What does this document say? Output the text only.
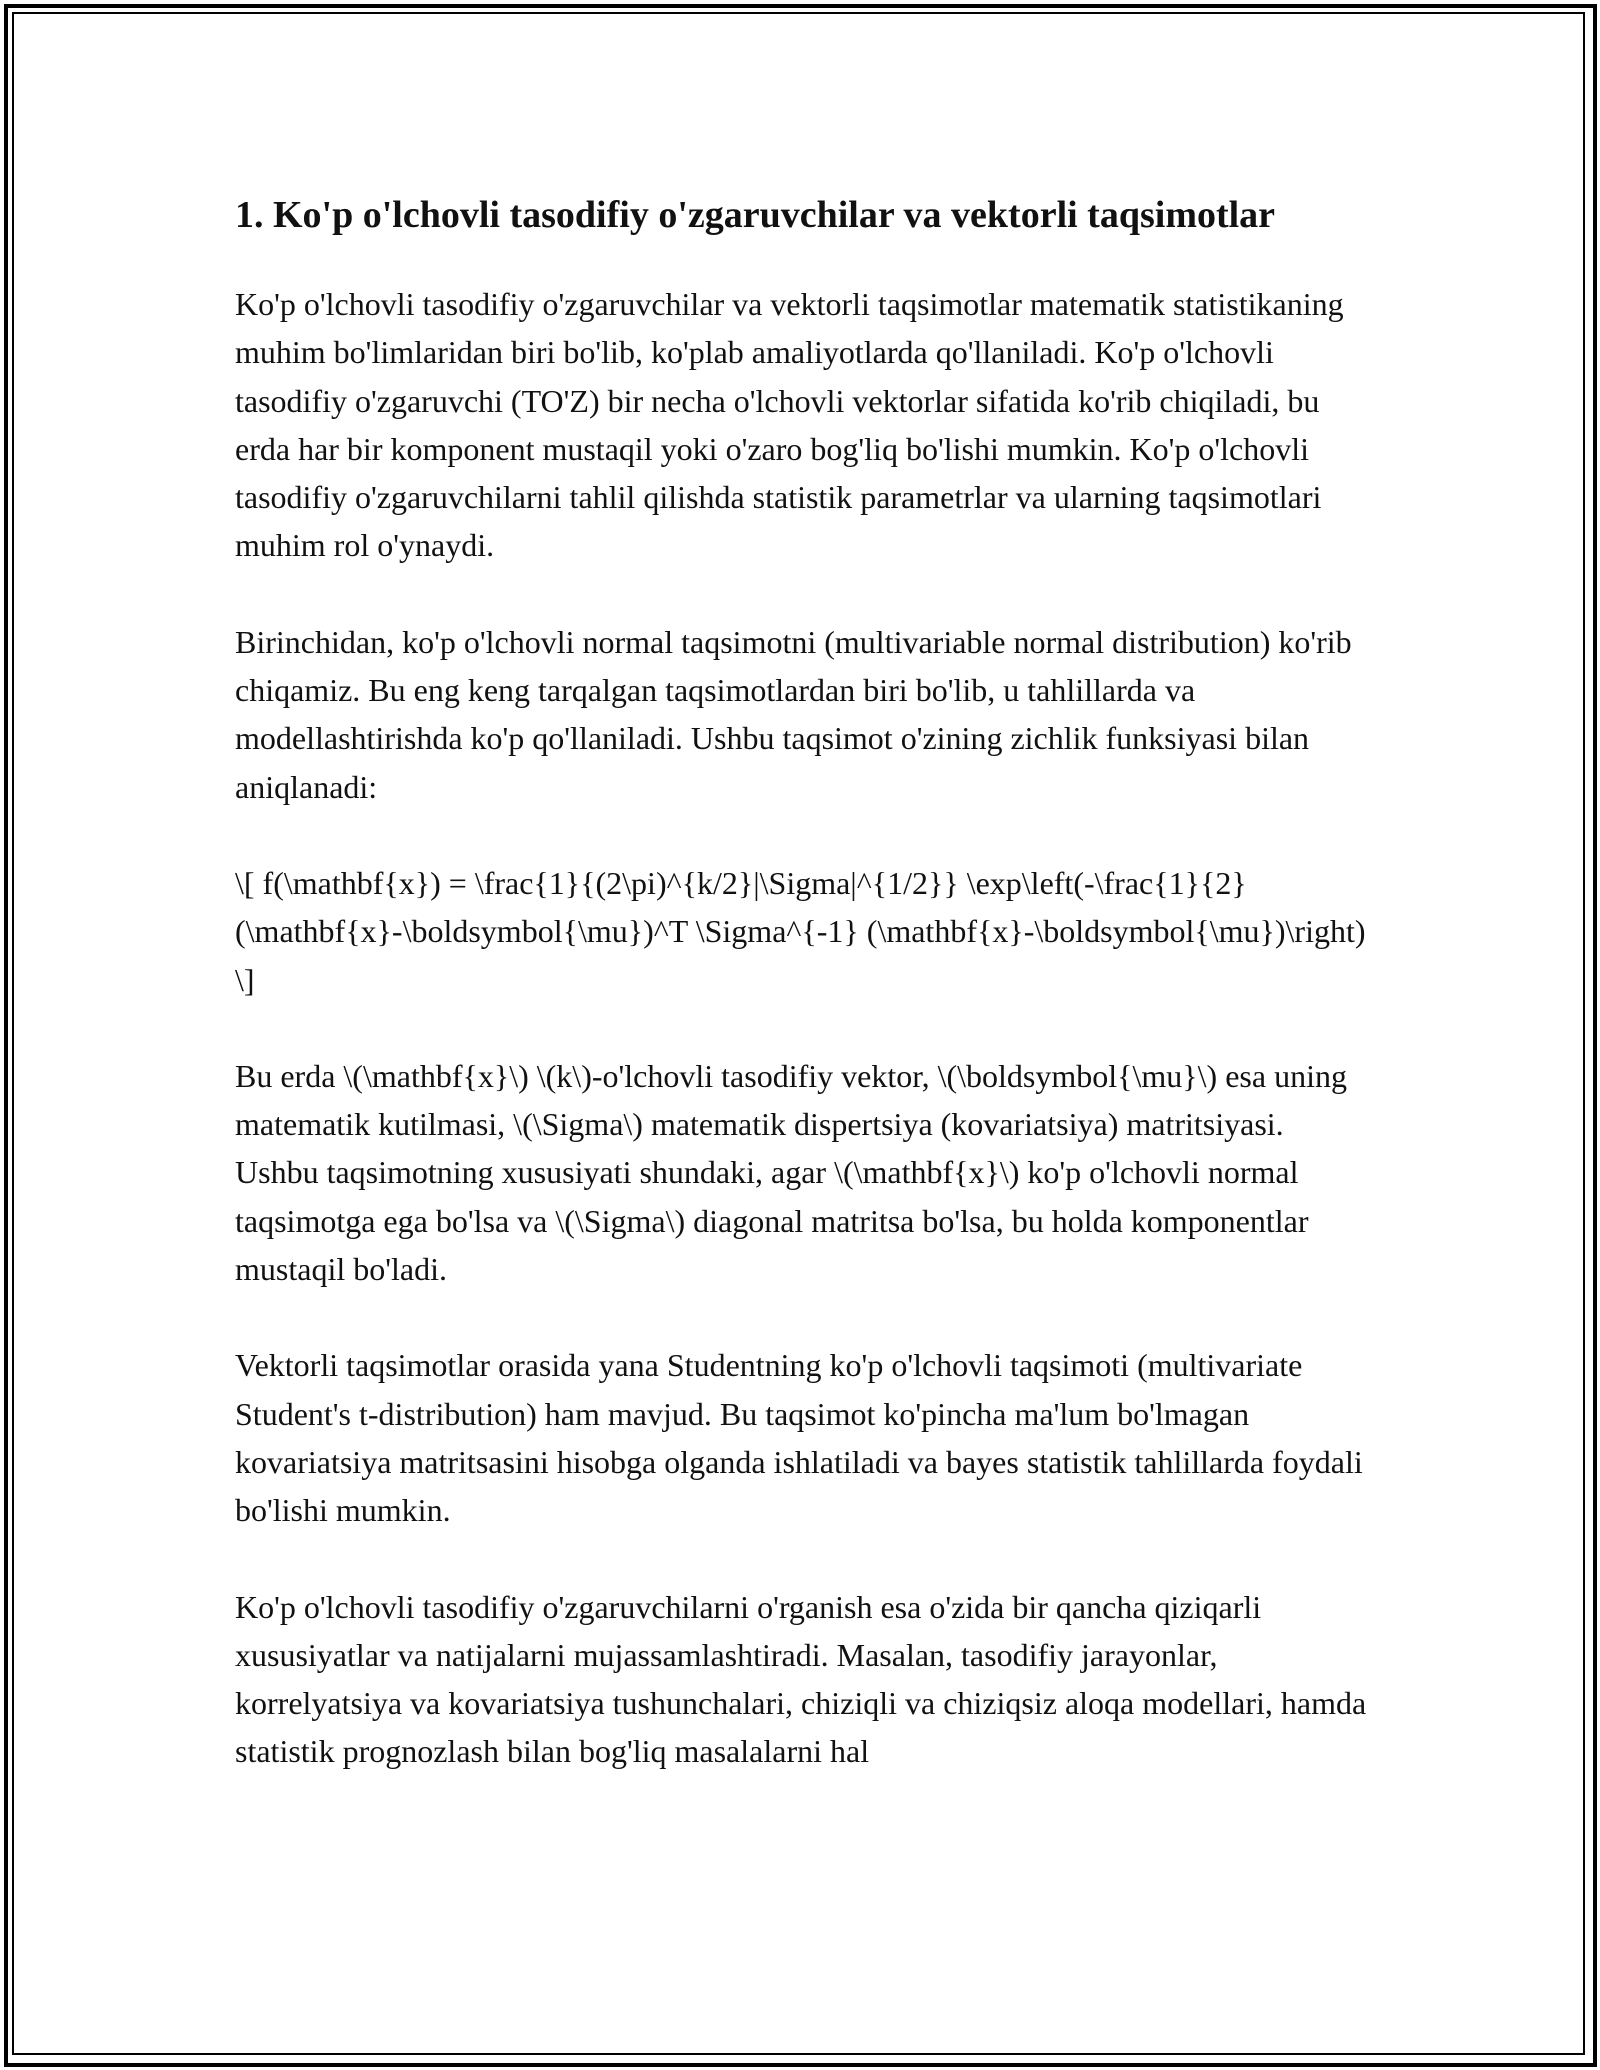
1. Ko'p o'lchovli tasodifiy o'zgaruvchilar va vektorli taqsimotlar

Ko'p o'lchovli tasodifiy o'zgaruvchilar va vektorli taqsimotlar matematik statistikaning muhim bo'limlaridan biri bo'lib, ko'plab amaliyotlarda qo'llaniladi. Ko'p o'lchovli tasodifiy o'zgaruvchi (TO'Z) bir necha o'lchovli vektorlar sifatida ko'rib chiqiladi, bu erda har bir komponent mustaqil yoki o'zaro bog'liq bo'lishi mumkin. Ko'p o'lchovli tasodifiy o'zgaruvchilarni tahlil qilishda statistik parametrlar va ularning taqsimotlari muhim rol o'ynaydi.

Birinchidan, ko'p o'lchovli normal taqsimotni (multivariable normal distribution) ko'rib chiqamiz. Bu eng keng tarqalgan taqsimotlardan biri bo'lib, u tahlillarda va modellashtirishda ko'p qo'llaniladi. Ushbu taqsimot o'zining zichlik funksiyasi bilan aniqlanadi:

\[ f(\mathbf{x}) = \frac{1}{(2\pi)^{k/2}|\Sigma|^{1/2}} \exp\left(-\frac{1}{2}(\mathbf{x}-\boldsymbol{\mu})^T \Sigma^{-1} (\mathbf{x}-\boldsymbol{\mu})\right) \]

Bu erda \(\mathbf{x}\) \(k\)-o'lchovli tasodifiy vektor, \(\boldsymbol{\mu}\) esa uning matematik kutilmasi, \(\Sigma\) matematik dispertsiya (kovariatsiya) matritsiyasi. Ushbu taqsimotning xususiyati shundaki, agar \(\mathbf{x}\) ko'p o'lchovli normal taqsimotga ega bo'lsa va \(\Sigma\) diagonal matritsa bo'lsa, bu holda komponentlar mustaqil bo'ladi.

Vektorli taqsimotlar orasida yana Studentning ko'p o'lchovli taqsimoti (multivariate Student's t-distribution) ham mavjud. Bu taqsimot ko'pincha ma'lum bo'lmagan kovariatsiya matritsasini hisobga olganda ishlatiladi va bayes statistik tahlillarda foydali bo'lishi mumkin.

Ko'p o'lchovli tasodifiy o'zgaruvchilarni o'rganish esa o'zida bir qancha qiziqarli xususiyatlar va natijalarni mujassamlashtiradi. Masalan, tasodifiy jarayonlar, korrelyatsiya va kovariatsiya tushunchalari, chiziqli va chiziqsiz aloqa modellari, hamda statistik prognozlash bilan bog'liq masalalarni hal
